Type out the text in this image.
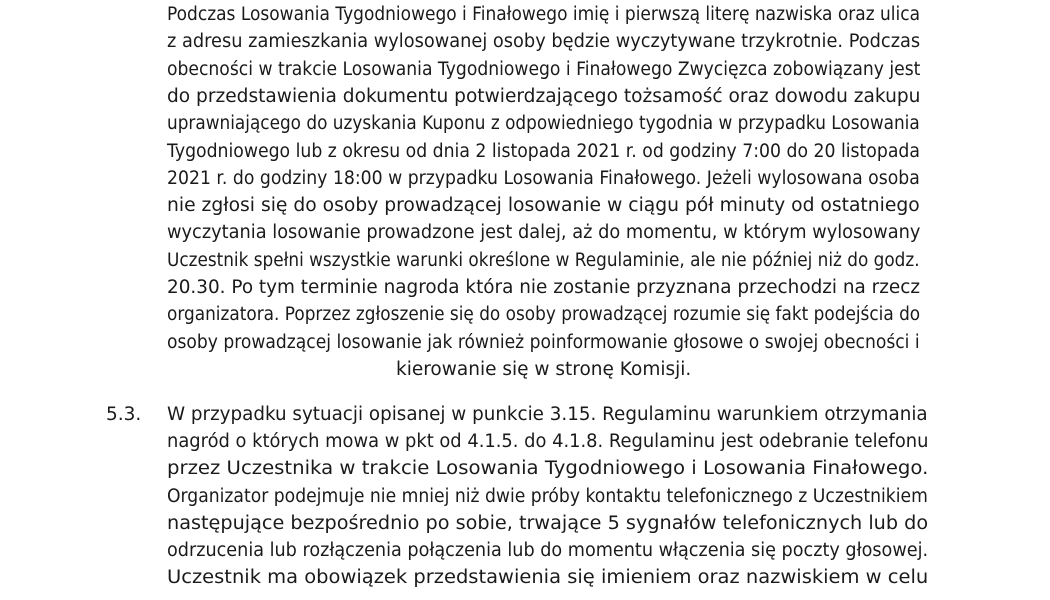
Podczas Losowania Tygodniowego i Finałowego imię i pierwszą literę nazwiska oraz ulica
z adresu zamieszkania wylosowanej osoby będzie wyczytywane trzykrotnie. Podczas
obecności w trakcie Losowania Tygodniowego i Finałowego Zwycięzca zobowiązany jest
do przedstawienia dokumentu potwierdzającego tożsamość oraz dowodu zakupu
uprawniającego do uzyskania Kuponu z odpowiedniego tygodnia w przypadku Losowania
Tygodniowego lub z okresu od dnia 2 listopada 2021 r. od godziny 7:00 do 20 listopada
2021 r. do godziny 18:00 w przypadku Losowania Finałowego. Jeżeli wylosowana osoba
nie zgłosi się do osoby prowadzącej losowanie w ciągu pół minuty od ostatniego
wyczytania losowanie prowadzone jest dalej, aż do momentu, w którym wylosowany
Uczestnik spełni wszystkie warunki określone w Regulaminie, ale nie później niż do godz.
20.30. Po tym terminie nagroda która nie zostanie przyznana przechodzi na rzecz
organizatora. Poprzez zgłoszenie się do osoby prowadzącej rozumie się fakt podejścia do
osoby prowadzącej losowanie jak również poinformowanie głosowe o swojej obecności i
kierowanie się w stronę Komisji.
5.3. W przypadku sytuacji opisanej w punkcie 3.15. Regulaminu warunkiem otrzymania
nagród o których mowa w pkt od 4.1.5. do 4.1.8. Regulaminu jest odebranie telefonu
przez Uczestnika w trakcie Losowania Tygodniowego i Losowania Finałowego.
Organizator podejmuje nie mniej niż dwie próby kontaktu telefonicznego z Uczestnikiem
następujące bezpośrednio po sobie, trwające 5 sygnałów telefonicznych lub do
odrzucenia lub rozłączenia połączenia lub do momentu włączenia się poczty głosowej.
Uczestnik ma obowiązek przedstawienia się imieniem oraz nazwiskiem w celu
